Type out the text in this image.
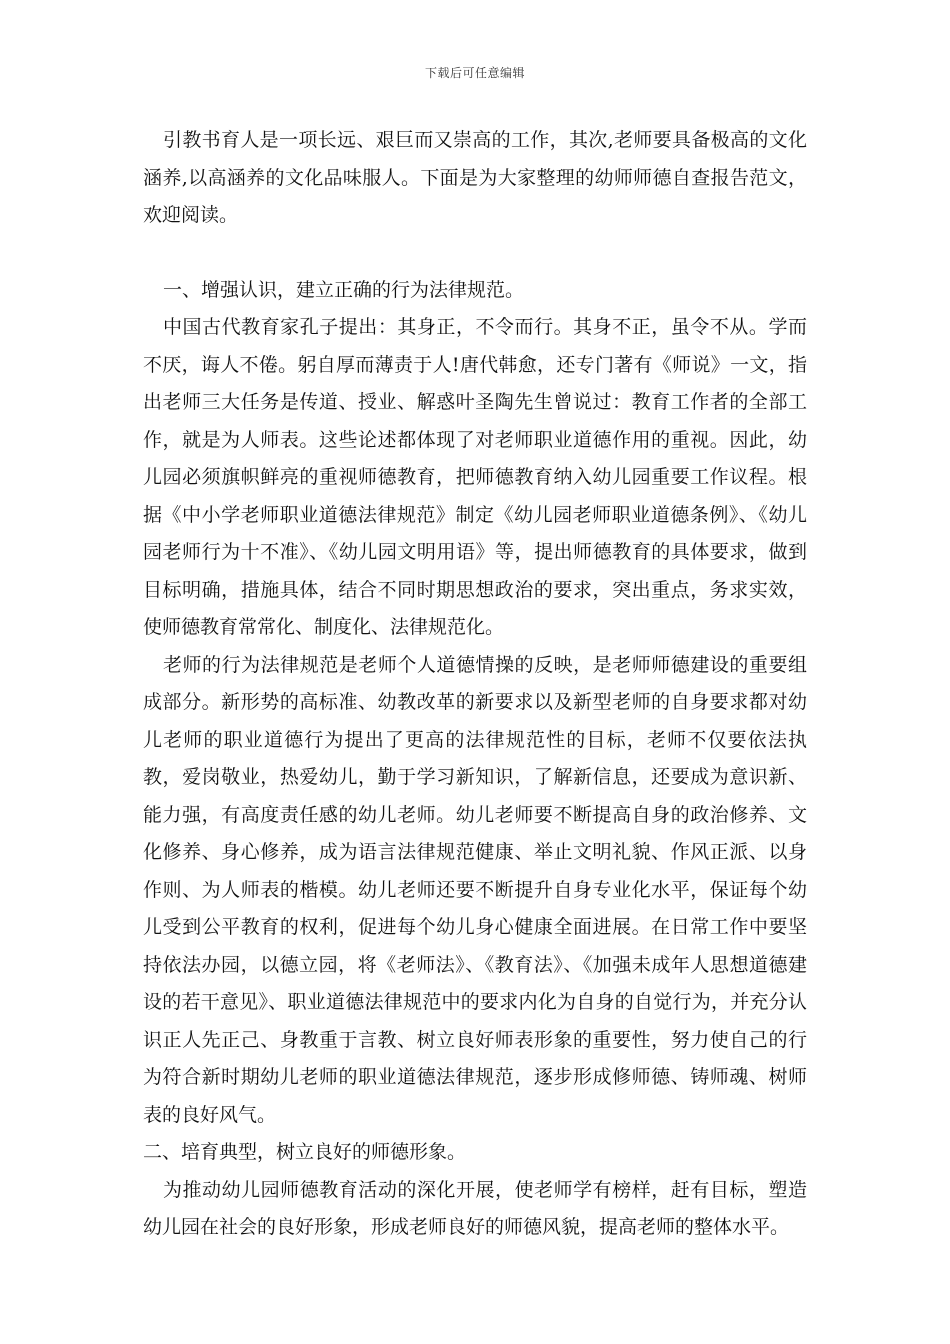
下载后可任意编辑

引教书育人是一项长远、艰巨而又崇高的工作，其次,老师要具备极高的文化涵养,以高涵养的文化品味服人。下面是为大家整理的幼师师德自查报告范文，欢迎阅读。

一、增强认识，建立正确的行为法律规范。

中国古代教育家孔子提出：其身正，不令而行。其身不正，虽令不从。学而不厌，诲人不倦。躬自厚而薄责于人!唐代韩愈，还专门著有《师说》一文，指出老师三大任务是传道、授业、解惑叶圣陶先生曾说过：教育工作者的全部工作，就是为人师表。这些论述都体现了对老师职业道德作用的重视。因此，幼儿园必须旗帜鲜亮的重视师德教育，把师德教育纳入幼儿园重要工作议程。根据《中小学老师职业道德法律规范》制定《幼儿园老师职业道德条例》、《幼儿园老师行为十不准》、《幼儿园文明用语》等，提出师德教育的具体要求，做到目标明确，措施具体，结合不同时期思想政治的要求，突出重点，务求实效，使师德教育常常化、制度化、法律规范化。

老师的行为法律规范是老师个人道德情操的反映，是老师师德建设的重要组成部分。新形势的高标准、幼教改革的新要求以及新型老师的自身要求都对幼儿老师的职业道德行为提出了更高的法律规范性的目标，老师不仅要依法执教，爱岗敬业，热爱幼儿，勤于学习新知识，了解新信息，还要成为意识新、能力强，有高度责任感的幼儿老师。幼儿老师要不断提高自身的政治修养、文化修养、身心修养，成为语言法律规范健康、举止文明礼貌、作风正派、以身作则、为人师表的楷模。幼儿老师还要不断提升自身专业化水平，保证每个幼儿受到公平教育的权利，促进每个幼儿身心健康全面进展。在日常工作中要坚持依法办园，以德立园，将《老师法》、《教育法》、《加强未成年人思想道德建设的若干意见》、职业道德法律规范中的要求内化为自身的自觉行为，并充分认识正人先正己、身教重于言教、树立良好师表形象的重要性，努力使自己的行为符合新时期幼儿老师的职业道德法律规范，逐步形成修师德、铸师魂、树师表的良好风气。

二、培育典型，树立良好的师德形象。

为推动幼儿园师德教育活动的深化开展，使老师学有榜样，赶有目标，塑造幼儿园在社会的良好形象，形成老师良好的师德风貌，提高老师的整体水平。
